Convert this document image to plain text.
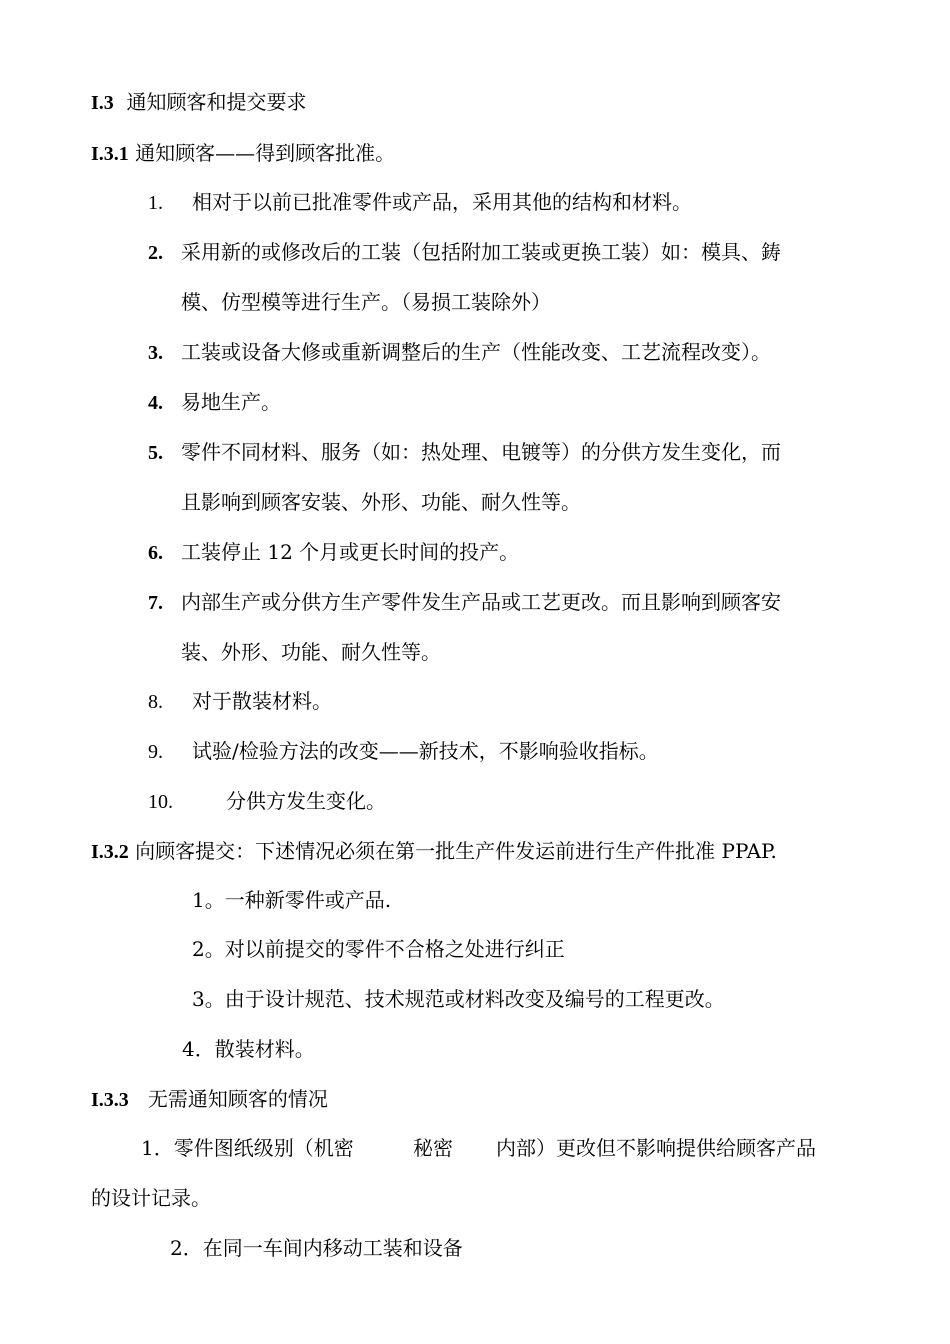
I.3 通知顾客和提交要求
I.3.1 通知顾客——得到顾客批准。
1. 相对于以前已批准零件或产品，采用其他的结构和材料。
2. 采用新的或修改后的工装（包括附加工装或更换工装）如：模具、鋳
模、仿型模等进行生产。（易损工装除外）
3. 工装或设备大修或重新调整后的生产（性能改变、工艺流程改变）。
4. 易地生产。
5. 零件不同材料、服务（如：热处理、电镀等）的分供方发生变化，而
且影响到顾客安装、外形、功能、耐久性等。
6. 工装停止 12 个月或更长时间的投产。
7. 内部生产或分供方生产零件发生产品或工艺更改。而且影响到顾客安
装、外形、功能、耐久性等。
8. 对于散装材料。
9. 试验/检验方法的改变——新技术，不影响验收指标。
10.	分供方发生变化。
I.3.2 向顾客提交：下述情况必须在第一批生产件发运前进行生产件批准 PPAP.
1。一种新零件或产品.
2。对以前提交的零件不合格之处进行纠正
3。由于设计规范、技术规范或材料改变及编号的工程更改。
4．散装材料。
I.3.3 无需通知顾客的情况
1．零件图纸级别（机密	秘密 内部）更改但不影响提供给顾客产品
的设计记录。
2．在同一车间内移动工装和设备
